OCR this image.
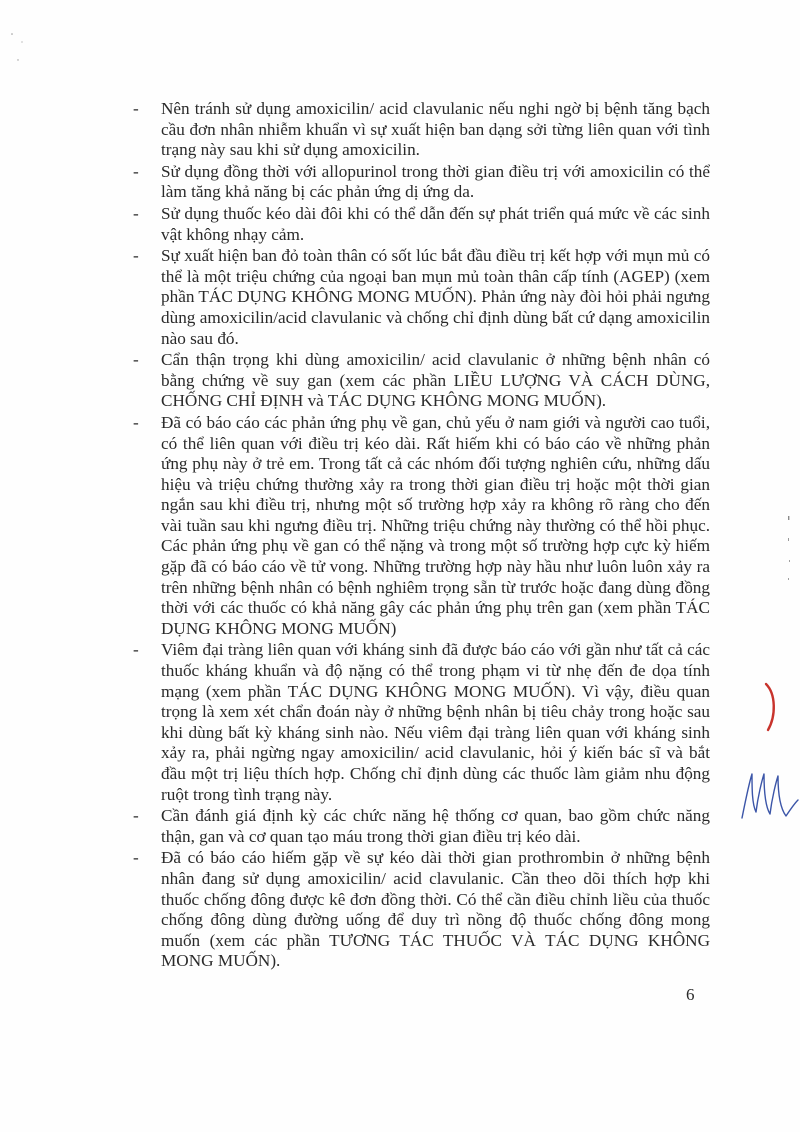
-	Nên tránh sử dụng amoxicilin/ acid clavulanic nếu nghi ngờ bị bệnh tăng bạch cầu đơn nhân nhiễm khuẩn vì sự xuất hiện ban dạng sởi từng liên quan với tình trạng này sau khi sử dụng amoxicilin.
-	Sử dụng đồng thời với allopurinol trong thời gian điều trị với amoxicilin có thể làm tăng khả năng bị các phản ứng dị ứng da.
-	Sử dụng thuốc kéo dài đôi khi có thể dẫn đến sự phát triển quá mức về các sinh vật không nhạy cảm.
-	Sự xuất hiện ban đỏ toàn thân có sốt lúc bắt đầu điều trị kết hợp với mụn mủ có thể là một triệu chứng của ngoại ban mụn mủ toàn thân cấp tính (AGEP) (xem phần TÁC DỤNG KHÔNG MONG MUỐN). Phản ứng này đòi hỏi phải ngưng dùng amoxicilin/acid clavulanic và chống chỉ định dùng bất cứ dạng amoxicilin nào sau đó.
-	Cẩn thận trọng khi dùng amoxicilin/ acid clavulanic ở những bệnh nhân có bằng chứng về suy gan (xem các phần LIỀU LƯỢNG VÀ CÁCH DÙNG, CHỐNG CHỈ ĐỊNH và TÁC DỤNG KHÔNG MONG MUỐN).
-	Đã có báo cáo các phản ứng phụ về gan, chủ yếu ở nam giới và người cao tuổi, có thể liên quan với điều trị kéo dài. Rất hiếm khi có báo cáo về những phản ứng phụ này ở trẻ em. Trong tất cả các nhóm đối tượng nghiên cứu, những dấu hiệu và triệu chứng thường xảy ra trong thời gian điều trị hoặc một thời gian ngắn sau khi điều trị, nhưng một số trường hợp xảy ra không rõ ràng cho đến vài tuần sau khi ngưng điều trị. Những triệu chứng này thường có thể hồi phục. Các phản ứng phụ về gan có thể nặng và trong một số trường hợp cực kỳ hiếm gặp đã có báo cáo về tử vong. Những trường hợp này hầu như luôn luôn xảy ra trên những bệnh nhân có bệnh nghiêm trọng sẵn từ trước hoặc đang dùng đồng thời với các thuốc có khả năng gây các phản ứng phụ trên gan (xem phần TÁC DỤNG KHÔNG MONG MUỐN)
-	Viêm đại tràng liên quan với kháng sinh đã được báo cáo với gần như tất cả các thuốc kháng khuẩn và độ nặng có thể trong phạm vi từ nhẹ đến đe dọa tính mạng (xem phần TÁC DỤNG KHÔNG MONG MUỐN). Vì vậy, điều quan trọng là xem xét chẩn đoán này ở những bệnh nhân bị tiêu chảy trong hoặc sau khi dùng bất kỳ kháng sinh nào. Nếu viêm đại tràng liên quan với kháng sinh xảy ra, phải ngừng ngay amoxicilin/ acid clavulanic, hỏi ý kiến bác sĩ và bắt đầu một trị liệu thích hợp. Chống chỉ định dùng các thuốc làm giảm nhu động ruột trong tình trạng này.
-	Cần đánh giá định kỳ các chức năng hệ thống cơ quan, bao gồm chức năng thận, gan và cơ quan tạo máu trong thời gian điều trị kéo dài.
-	Đã có báo cáo hiếm gặp về sự kéo dài thời gian prothrombin ở những bệnh nhân đang sử dụng amoxicilin/ acid clavulanic. Cần theo dõi thích hợp khi thuốc chống đông được kê đơn đồng thời. Có thể cần điều chỉnh liều của thuốc chống đông dùng đường uống để duy trì nồng độ thuốc chống đông mong muốn (xem các phần TƯƠNG TÁC THUỐC VÀ TÁC DỤNG KHÔNG MONG MUỐN).
6
